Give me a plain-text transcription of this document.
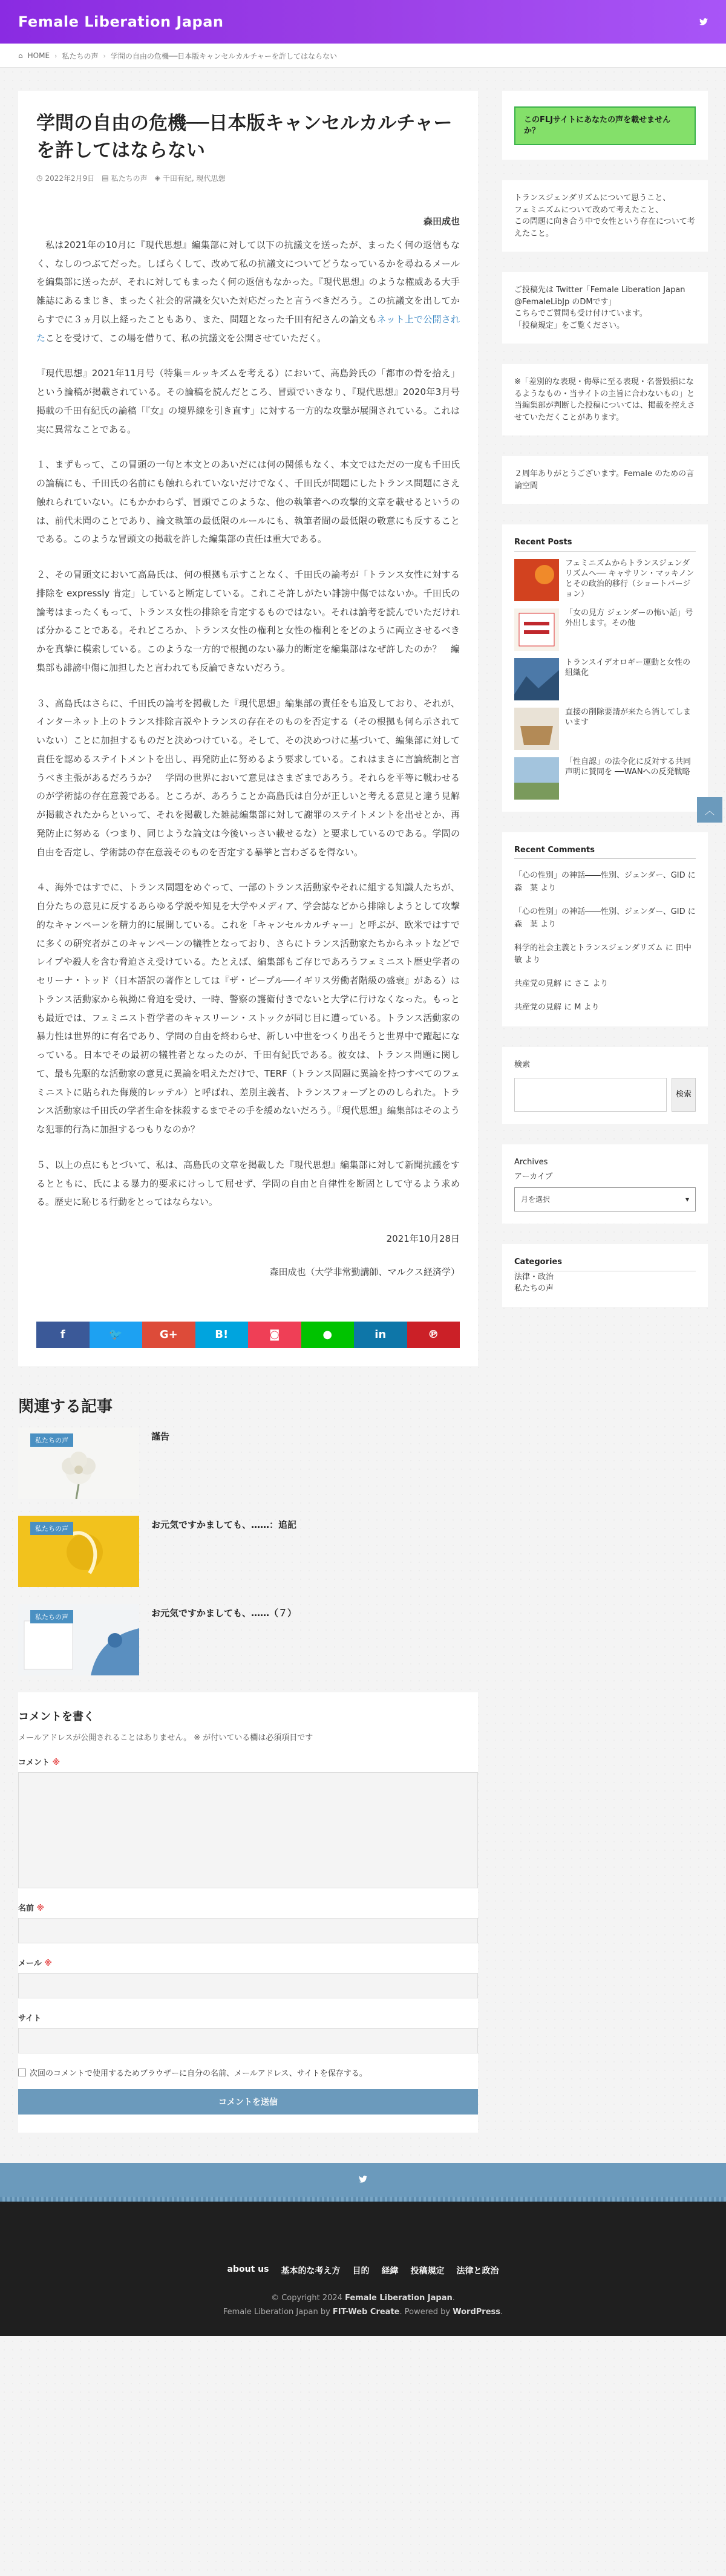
Female Liberation Japan
⌂ HOME › 私たちの声 › 学問の自由の危機──日本版キャンセルカルチャーを許してはならない
学問の自由の危機──日本版キャンセルカルチャーを許してはならない
◷ 2022年2月9日 ▤ 私たちの声 ◈ 千田有紀, 現代思想
森田成也

私は2021年の10月に『現代思想』編集部に対して以下の抗議文を送ったが、まったく何の返信もなく、なしのつぶてだった。しばらくして、改めて私の抗議文についてどうなっているかを尋ねるメールを編集部に送ったが、それに対してもまったく何の返信もなかった。『現代思想』のような権威ある大手雑誌にあるまじき、まったく社会的常識を欠いた対応だったと言うべきだろう。この抗議文を出してからすでに３ヵ月以上経ったこともあり、また、問題となった千田有紀さんの論文もネット上で公開されたことを受けて、この場を借りて、私の抗議文を公開させていただく。

『現代思想』2021年11月号（特集＝ルッキズムを考える）において、高島鈴氏の「都市の骨を拾え」という論稿が掲載されている。その論稿を読んだところ、冒頭でいきなり、『現代思想』2020年3月号掲載の千田有紀氏の論稿「『女』の境界線を引き直す」に対する一方的な攻撃が展開されている。これは実に異常なことである。

１、まずもって、この冒頭の一句と本文とのあいだには何の関係もなく、本文ではただの一度も千田氏の論稿にも、千田氏の名前にも触れられていないだけでなく、千田氏が問題にしたトランス問題にさえ触れられていない。にもかかわらず、冒頭でこのような、他の執筆者への攻撃的文章を載せるというのは、前代未聞のことであり、論文執筆の最低限のルールにも、執筆者間の最低限の敬意にも反することである。このような冒頭文の掲載を許した編集部の責任は重大である。

２、その冒頭文において高島氏は、何の根拠も示すことなく、千田氏の論考が「トランス女性に対する排除を expressly 肯定」していると断定している。これこそ許しがたい誹謗中傷ではないか。千田氏の論考はまったくもって、トランス女性の排除を肯定するものではない。それは論考を読んでいただければ分かることである。それどころか、トランス女性の権利と女性の権利とをどのように両立させるべきかを真摯に模索している。このような一方的で根拠のない暴力的断定を編集部はなぜ許したのか？　編集部も誹謗中傷に加担したと言われても反論できないだろう。

３、高島氏はさらに、千田氏の論考を掲載した『現代思想』編集部の責任をも追及しており、それが、インターネット上のトランス排除言説やトランスの存在そのものを否定する（その根拠も何ら示されていない）ことに加担するものだと決めつけている。そして、その決めつけに基づいて、編集部に対して責任を認めるステイトメントを出し、再発防止に努めるよう要求している。これはまさに言論統制と言うべき主張があるだろうか？　学問の世界において意見はさまざまであろう。それらを平等に戦わせるのが学術誌の存在意義である。ところが、あろうことか高島氏は自分が正しいと考える意見と違う見解が掲載されたからといって、それを掲載した雑誌編集部に対して謝罪のステイトメントを出せとか、再発防止に努める（つまり、同じような論文は今後いっさい載せるな）と要求しているのである。学問の自由を否定し、学術誌の存在意義そのものを否定する暴挙と言わざるを得ない。

４、海外ではすでに、トランス問題をめぐって、一部のトランス活動家やそれに組する知識人たちが、自分たちの意見に反するあらゆる学説や知見を大学やメディア、学会誌などから排除しようとして攻撃的なキャンペーンを精力的に展開している。これを「キャンセルカルチャー」と呼ぶが、欧米ではすでに多くの研究者がこのキャンペーンの犠牲となっており、さらにトランス活動家たちからネットなどでレイプや殺人を含む脅迫さえ受けている。たとえば、編集部もご存じであろうフェミニスト歴史学者のセリーナ・トッド（日本語訳の著作としては『ザ・ピープル──イギリス労働者階級の盛衰』がある）はトランス活動家から執拗に脅迫を受け、一時、警察の護衛付きでないと大学に行けなくなった。もっとも最近では、フェミニスト哲学者のキャスリーン・ストックが同じ目に遭っている。トランス活動家の暴力性は世界的に有名であり、学問の自由を終わらせ、新しい中世をつくり出そうと世界中で躍起になっている。日本でその最初の犠牲者となったのが、千田有紀氏である。彼女は、トランス問題に関して、最も先駆的な活動家の意見に異論を唱えただけで、TERF（トランス問題に異論を持つすべてのフェミニストに貼られた侮蔑的レッテル）と呼ばれ、差別主義者、トランスフォーブとののしられた。トランス活動家は千田氏の学者生命を抹殺するまでその手を緩めないだろう。『現代思想』編集部はそのような犯罪的行為に加担するつもりなのか？

５、以上の点にもとづいて、私は、高島氏の文章を掲載した『現代思想』編集部に対して新聞抗議をするとともに、氏による暴力的要求にけっして屈せず、学問の自由と自律性を断固として守るよう求める。歴史に恥じる行動をとってはならない。

2021年10月28日
森田成也（大学非常勤講師、マルクス経済学）
f	🐦	G+	B!	◙	●	in	℗
関連する記事
私たちの声	謹告
私たちの声	お元気ですかましても、……：追記
私たちの声	お元気ですかましても、……（７）
コメントを書く

メールアドレスが公開されることはありません。 ※ が付いている欄は必須項目です

コメント ※
名前 ※
メール ※
サイト
次回のコメントで使用するためブラウザーに自分の名前、メールアドレス、サイトを保存する。
コメントを送信
このFLJサイトにあなたの声を載せませんか？
トランスジェンダリズムについて思うこと、
フェミニズムについて改めて考えたこと、
この問題に向き合う中で女性という存在について考えたこと。
ご投稿先は Twitter「Female Liberation Japan @FemaleLibJp のDMです」
こちらでご質問も受け付けています。
「投稿規定」をご覧ください。
※「差別的な表現・侮辱に至る表現・名誉毀損になるようなもの・当サイトの主旨に合わないもの」と当編集部が判断した投稿については、掲載を控えさせていただくことがあります。
２周年ありがとうございます。Female のための言論空間
Recent Posts
フェミニズムからトランスジェンダリズムへ── キャサリン・マッキノンとその政治的移行（ショートバージョン）
「女の見方 ジェンダーの怖い話」号外出します。その他
トランスイデオロギー運動と女性の組織化
直接の削除要請が来たら消してしまいます
「性自認」の法令化に反対する共同声明に賛同を ──WANへの反発戦略
Recent Comments
「心の性別」の神話――性別、ジェンダー、GID に 森　葉 より
「心の性別」の神話――性別、ジェンダー、GID に 森　葉 より
科学的社会主義とトランスジェンダリズム に 田中　敏 より
共産党の見解 に さこ より
共産党の見解 に M より
検索
検索
Archives
アーカイブ
月を選択	▾
Categories
法律・政治
私たちの声
︿
about us 基本的な考え方 目的 経緯 投稿規定 法律と政治
© Copyright 2024 Female Liberation Japan.
Female Liberation Japan by FIT-Web Create. Powered by WordPress.
